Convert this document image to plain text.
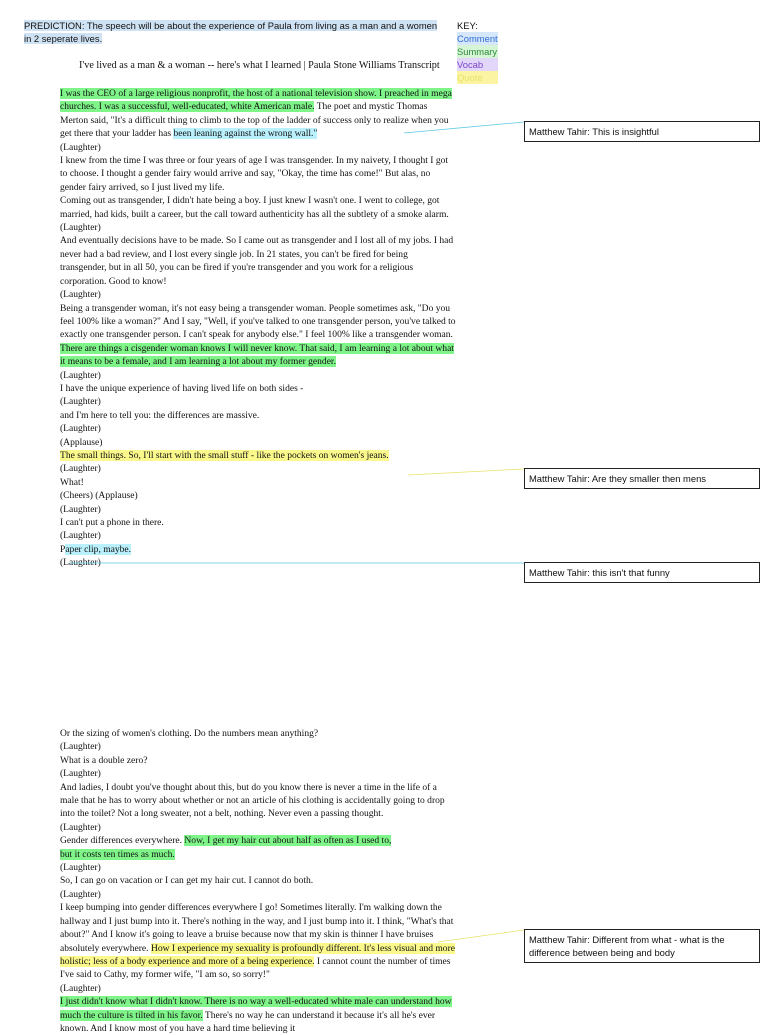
PREDICTION: The speech will be about the experience of Paula from living as a man and a women in 2 seperate lives.
KEY:
Comment
Summary
Vocab
Quote
I've lived as a man & a woman -- here's what I learned | Paula Stone Williams Transcript

I was the CEO of a large religious nonprofit, the host of a national television show. I preached in mega churches. I was a successful, well-educated, white American male. The poet and mystic Thomas Merton said, "It's a difficult thing to climb to the top of the ladder of success only to realize when you get there that your ladder has been leaning against the wrong wall."

(Laughter)

I knew from the time I was three or four years of age I was transgender. In my naivety, I thought I got to choose. I thought a gender fairy would arrive and say, "Okay, the time has come!" But alas, no gender fairy arrived, so I just lived my life.

Coming out as transgender, I didn't hate being a boy. I just knew I wasn't one. I went to college, got married, had kids, built a career, but the call toward authenticity has all the subtlety of a smoke alarm.

(Laughter)

And eventually decisions have to be made. So I came out as transgender and I lost all of my jobs. I had never had a bad review, and I lost every single job. In 21 states, you can't be fired for being transgender, but in all 50, you can be fired if you're transgender and you work for a religious corporation. Good to know!

(Laughter)

Being a transgender woman, it's not easy being a transgender woman. People sometimes ask, "Do you feel 100% like a woman?" And I say, "Well, if you've talked to one transgender person, you've talked to exactly one transgender person. I can't speak for anybody else." I feel 100% like a transgender woman. There are things a cisgender woman knows I will never know. That said, I am learning a lot about what it means to be a female, and I am learning a lot about my former gender.

(Laughter)

I have the unique experience of having lived life on both sides -

(Laughter)

and I'm here to tell you: the differences are massive.

(Laughter)

(Applause)

The small things. So, I'll start with the small stuff - like the pockets on women's jeans.

(Laughter)

What!

(Cheers) (Applause)

(Laughter)

I can't put a phone in there.

(Laughter)

Paper clip, maybe.

(Laughter)

Or the sizing of women's clothing. Do the numbers mean anything?

(Laughter)

What is a double zero?

(Laughter)

And ladies, I doubt you've thought about this, but do you know there is never a time in the life of a male that he has to worry about whether or not an article of his clothing is accidentally going to drop into the toilet? Not a long sweater, not a belt, nothing. Never even a passing thought.

(Laughter)

Gender differences everywhere. Now, I get my hair cut about half as often as I used to,
but it costs ten times as much.

(Laughter)

So, I can go on vacation or I can get my hair cut. I cannot do both.

(Laughter)

I keep bumping into gender differences everywhere I go! Sometimes literally. I'm walking down the hallway and I just bump into it. There's nothing in the way, and I just bump into it. I think, "What's that about?" And I know it's going to leave a bruise because now that my skin is thinner I have bruises absolutely everywhere. How I experience my sexuality is profoundly different. It's less visual and more holistic; less of a body experience and more of a being experience. I cannot count the number of times I've said to Cathy, my former wife, "I am so, so sorry!"

(Laughter)

I just didn't know what I didn't know. There is no way a well-educated white male can understand how much the culture is tilted in his favor. There's no way he can understand it because it's all he's ever known. And I know most of you have a hard time believing it

Matthew Tahir: This is insightful
Matthew Tahir: Are they smaller then mens
Matthew Tahir: this isn't that funny
Matthew Tahir: Different from what - what is the difference between being and body
